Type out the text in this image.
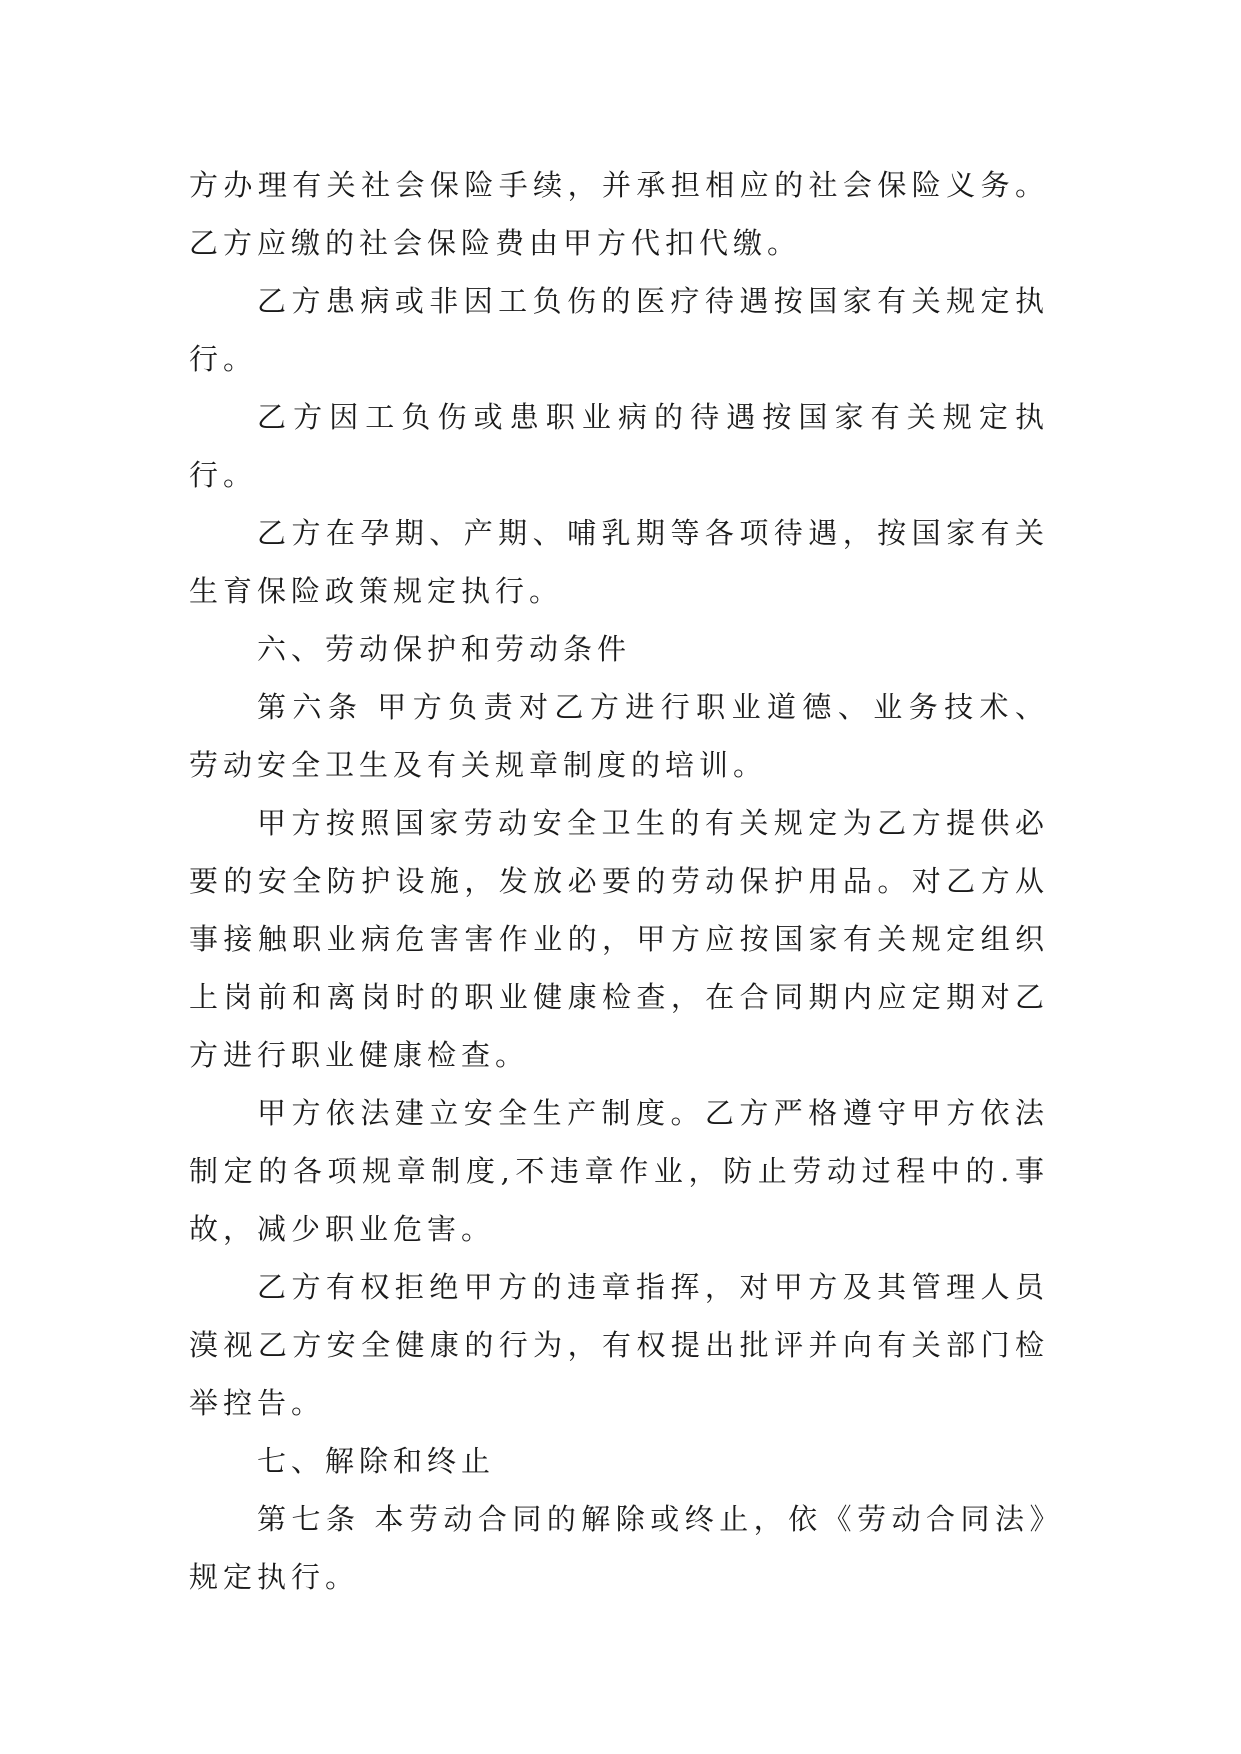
方办理有关社会保险手续，并承担相应的社会保险义务。乙方应缴的社会保险费由甲方代扣代缴。

乙方患病或非因工负伤的医疗待遇按国家有关规定执行。

乙方因工负伤或患职业病的待遇按国家有关规定执行。

乙方在孕期、产期、哺乳期等各项待遇，按国家有关生育保险政策规定执行。

六、劳动保护和劳动条件

第六条 甲方负责对乙方进行职业道德、业务技术、劳动安全卫生及有关规章制度的培训。

甲方按照国家劳动安全卫生的有关规定为乙方提供必要的安全防护设施，发放必要的劳动保护用品。对乙方从事接触职业病危害害作业的，甲方应按国家有关规定组织上岗前和离岗时的职业健康检查，在合同期内应定期对乙方进行职业健康检查。

甲方依法建立安全生产制度。乙方严格遵守甲方依法制定的各项规章制度,不违章作业，防止劳动过程中的.事故，减少职业危害。

乙方有权拒绝甲方的违章指挥，对甲方及其管理人员漠视乙方安全健康的行为，有权提出批评并向有关部门检举控告。

七、解除和终止

第七条 本劳动合同的解除或终止，依《劳动合同法》规定执行。
